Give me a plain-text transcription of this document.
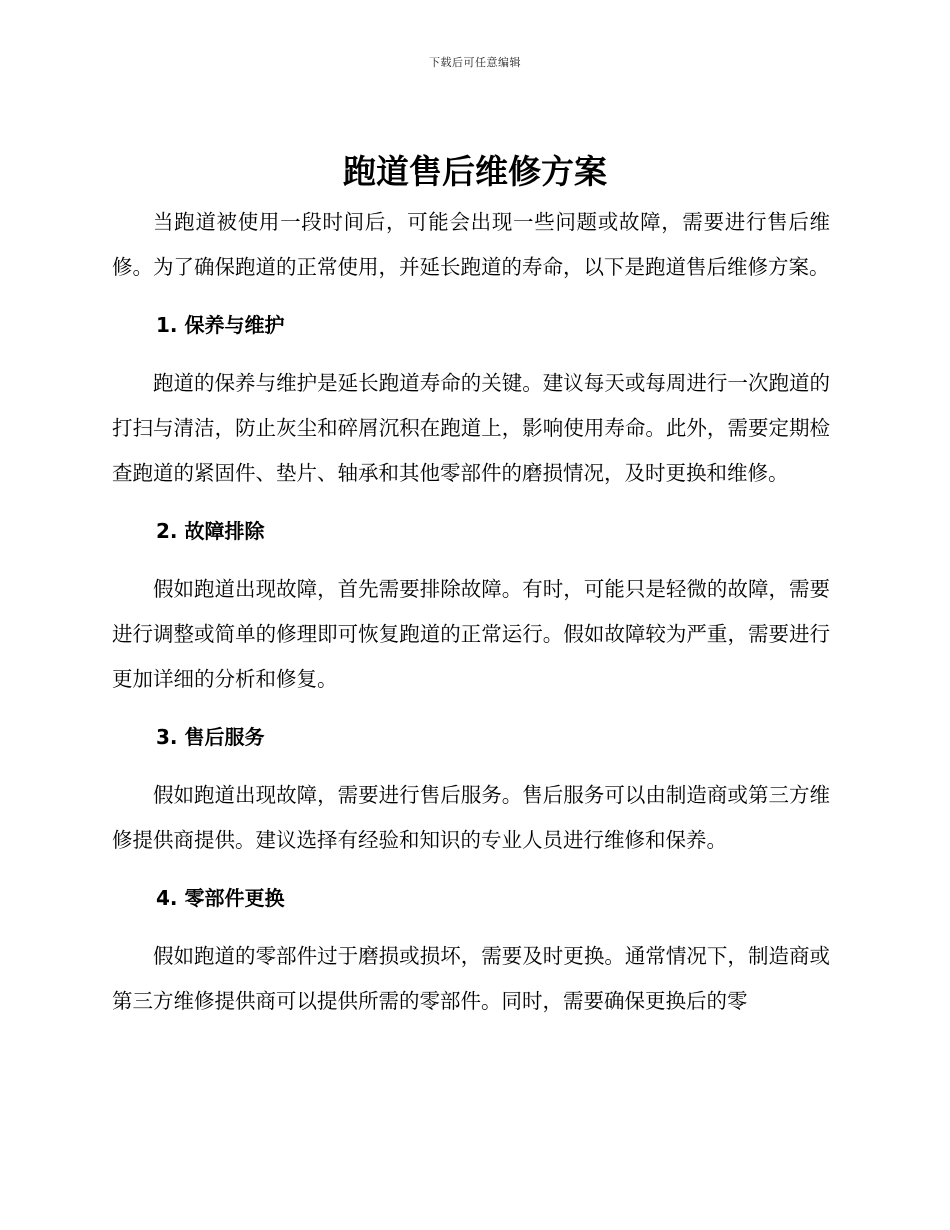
下载后可任意编辑
跑道售后维修方案

当跑道被使用一段时间后，可能会出现一些问题或故障，需要进行售后维修。为了确保跑道的正常使用，并延长跑道的寿命，以下是跑道售后维修方案。

1. 保养与维护

跑道的保养与维护是延长跑道寿命的关键。建议每天或每周进行一次跑道的打扫与清洁，防止灰尘和碎屑沉积在跑道上，影响使用寿命。此外，需要定期检查跑道的紧固件、垫片、轴承和其他零部件的磨损情况，及时更换和维修。

2. 故障排除

假如跑道出现故障，首先需要排除故障。有时，可能只是轻微的故障，需要进行调整或简单的修理即可恢复跑道的正常运行。假如故障较为严重，需要进行更加详细的分析和修复。

3. 售后服务

假如跑道出现故障，需要进行售后服务。售后服务可以由制造商或第三方维修提供商提供。建议选择有经验和知识的专业人员进行维修和保养。

4. 零部件更换

假如跑道的零部件过于磨损或损坏，需要及时更换。通常情况下，制造商或第三方维修提供商可以提供所需的零部件。同时，需要确保更换后的零
